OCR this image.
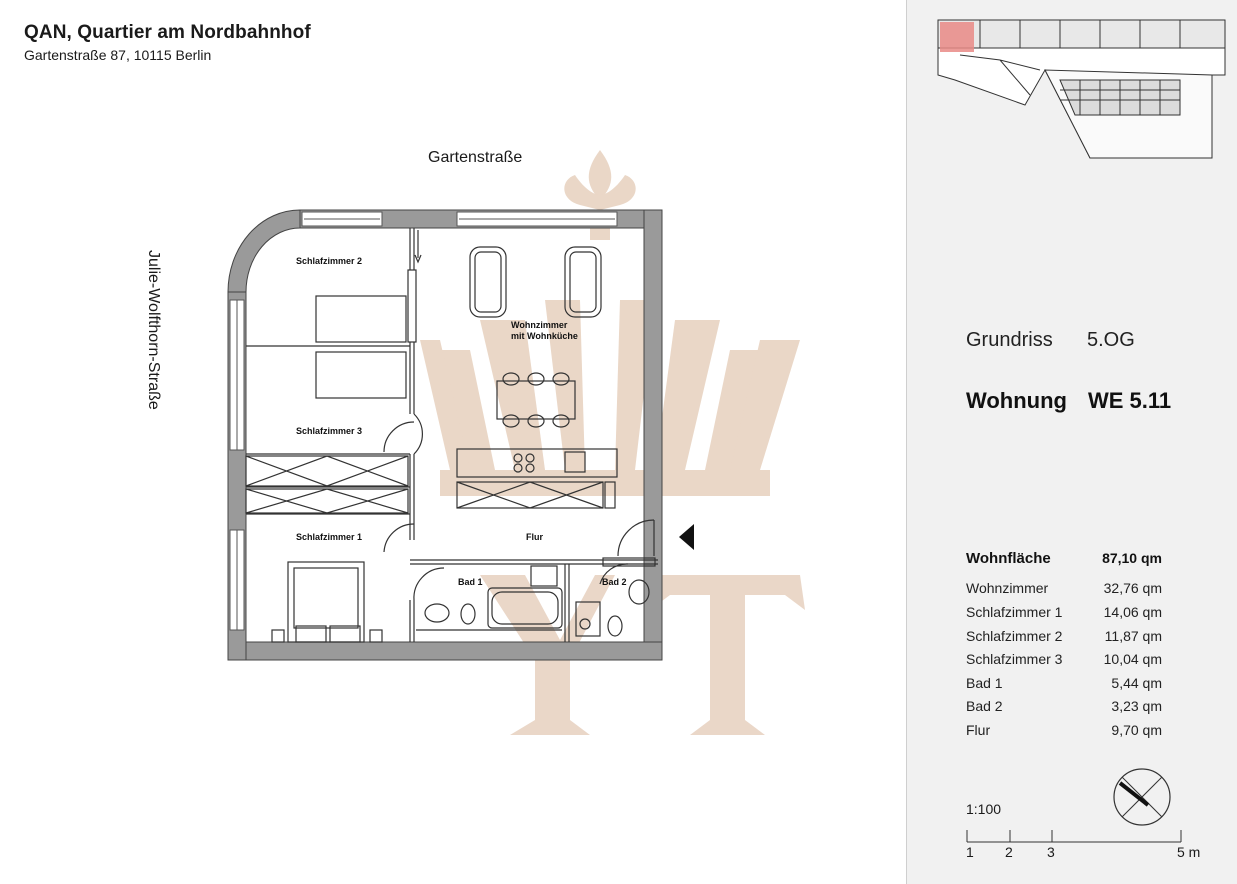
QAN, Quartier am Nordbahnhof
Gartenstraße 87, 10115 Berlin
Gartenstraße
Julie-Wolfthorn-Straße	Schlafzimmer 2
Schlafzimmer 3
Schlafzimmer 1
Wohnzimmer
mit Wohnküche
Flur
Bad 1	Bad 2
Grundriss 5.OG
Wohnung WE 5.11
Wohnfläche	87,10 qm
Wohnzimmer	32,76 qm
Schlafzimmer 1	14,06 qm
Schlafzimmer 2	11,87 qm
Schlafzimmer 3	10,04 qm
Bad 1	5,44 qm
Bad 2	3,23 qm
Flur	9,70 qm
1:100
1 2 3	5 m
